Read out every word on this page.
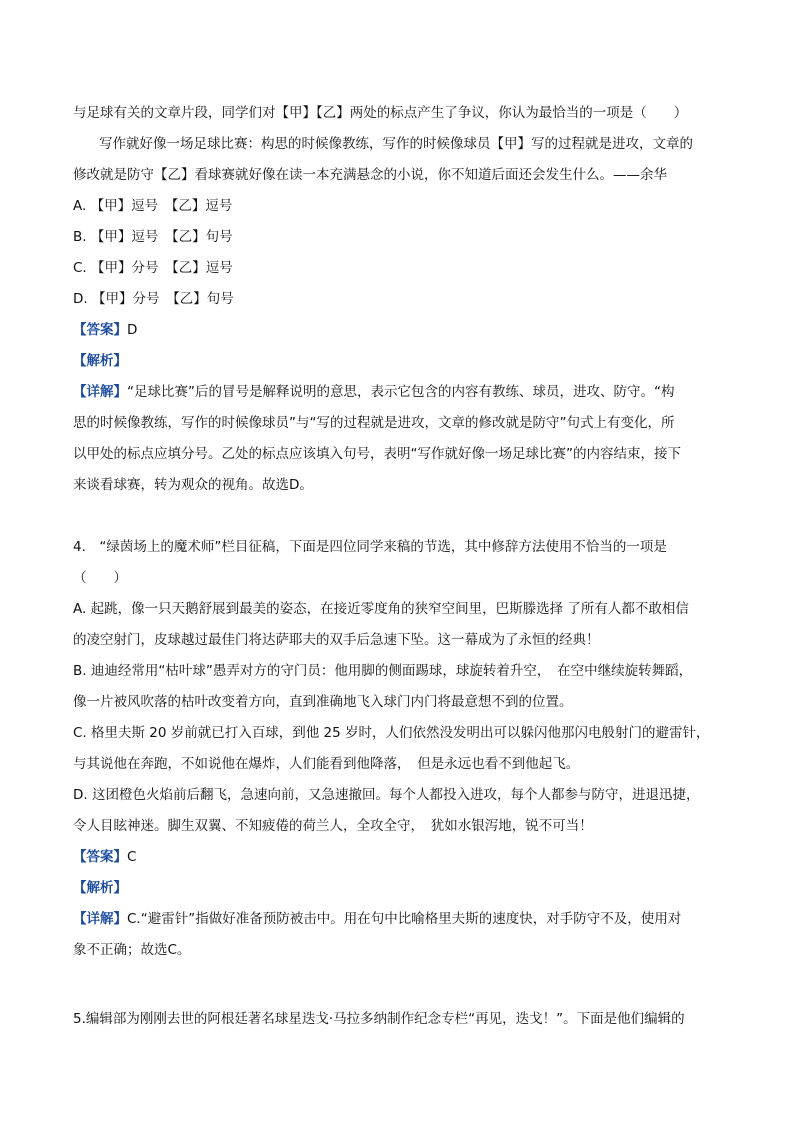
与足球有关的文章片段，同学们对【甲】【乙】两处的标点产生了争议，你认为最恰当的一项是（　　）
写作就好像一场足球比赛：构思的时候像教练，写作的时候像球员【甲】写的过程就是进攻，文章的
修改就是防守【乙】看球赛就好像在读一本充满悬念的小说，你不知道后面还会发生什么。——余华
A. 【甲】逗号　【乙】逗号
B. 【甲】逗号　【乙】句号
C. 【甲】分号　【乙】逗号
D. 【甲】分号　【乙】句号
【答案】D
【解析】
【详解】“足球比赛”后的冒号是解释说明的意思，表示它包含的内容有教练、球员，进攻、防守。“构
思的时候像教练，写作的时候像球员”与“写的过程就是进攻，文章的修改就是防守”句式上有变化，所
以甲处的标点应填分号。乙处的标点应该填入句号，表明“写作就好像一场足球比赛”的内容结束，接下
来谈看球赛，转为观众的视角。故选D。
4.　“绿茵场上的魔术师”栏目征稿，下面是四位同学来稿的节选，其中修辞方法使用不恰当的一项是
（　　）
A. 起跳，像一只天鹅舒展到最美的姿态，在接近零度角的狭窄空间里，巴斯滕选择 了所有人都不敢相信
的凌空射门，皮球越过最佳门将达萨耶夫的双手后急速下坠。这一幕成为了永恒的经典！
B. 迪迪经常用“枯叶球”愚弄对方的守门员：他用脚的侧面踢球，球旋转着升空，　在空中继续旋转舞蹈，
像一片被风吹落的枯叶改变着方向，直到准确地飞入球门内门将最意想不到的位置。
C. 格里夫斯 20 岁前就已打入百球，到他 25 岁时，人们依然没发明出可以躲闪他那闪电般射门的避雷针，
与其说他在奔跑，不如说他在爆炸，人们能看到他降落，　但是永远也看不到他起飞。
D. 这团橙色火焰前后翻飞，急速向前，又急速撤回。每个人都投入进攻，每个人都参与防守，进退迅捷，
令人目眩神迷。脚生双翼、不知疲倦的荷兰人，全攻全守，　犹如水银泻地，锐不可当！
【答案】C
【解析】
【详解】C.“避雷针”指做好准备预防被击中。用在句中比喻格里夫斯的速度快，对手防守不及，使用对
象不正确；故选C。
5.编辑部为刚刚去世的阿根廷著名球星迭戈·马拉多纳制作纪念专栏“再见，迭戈！”。下面是他们编辑的
